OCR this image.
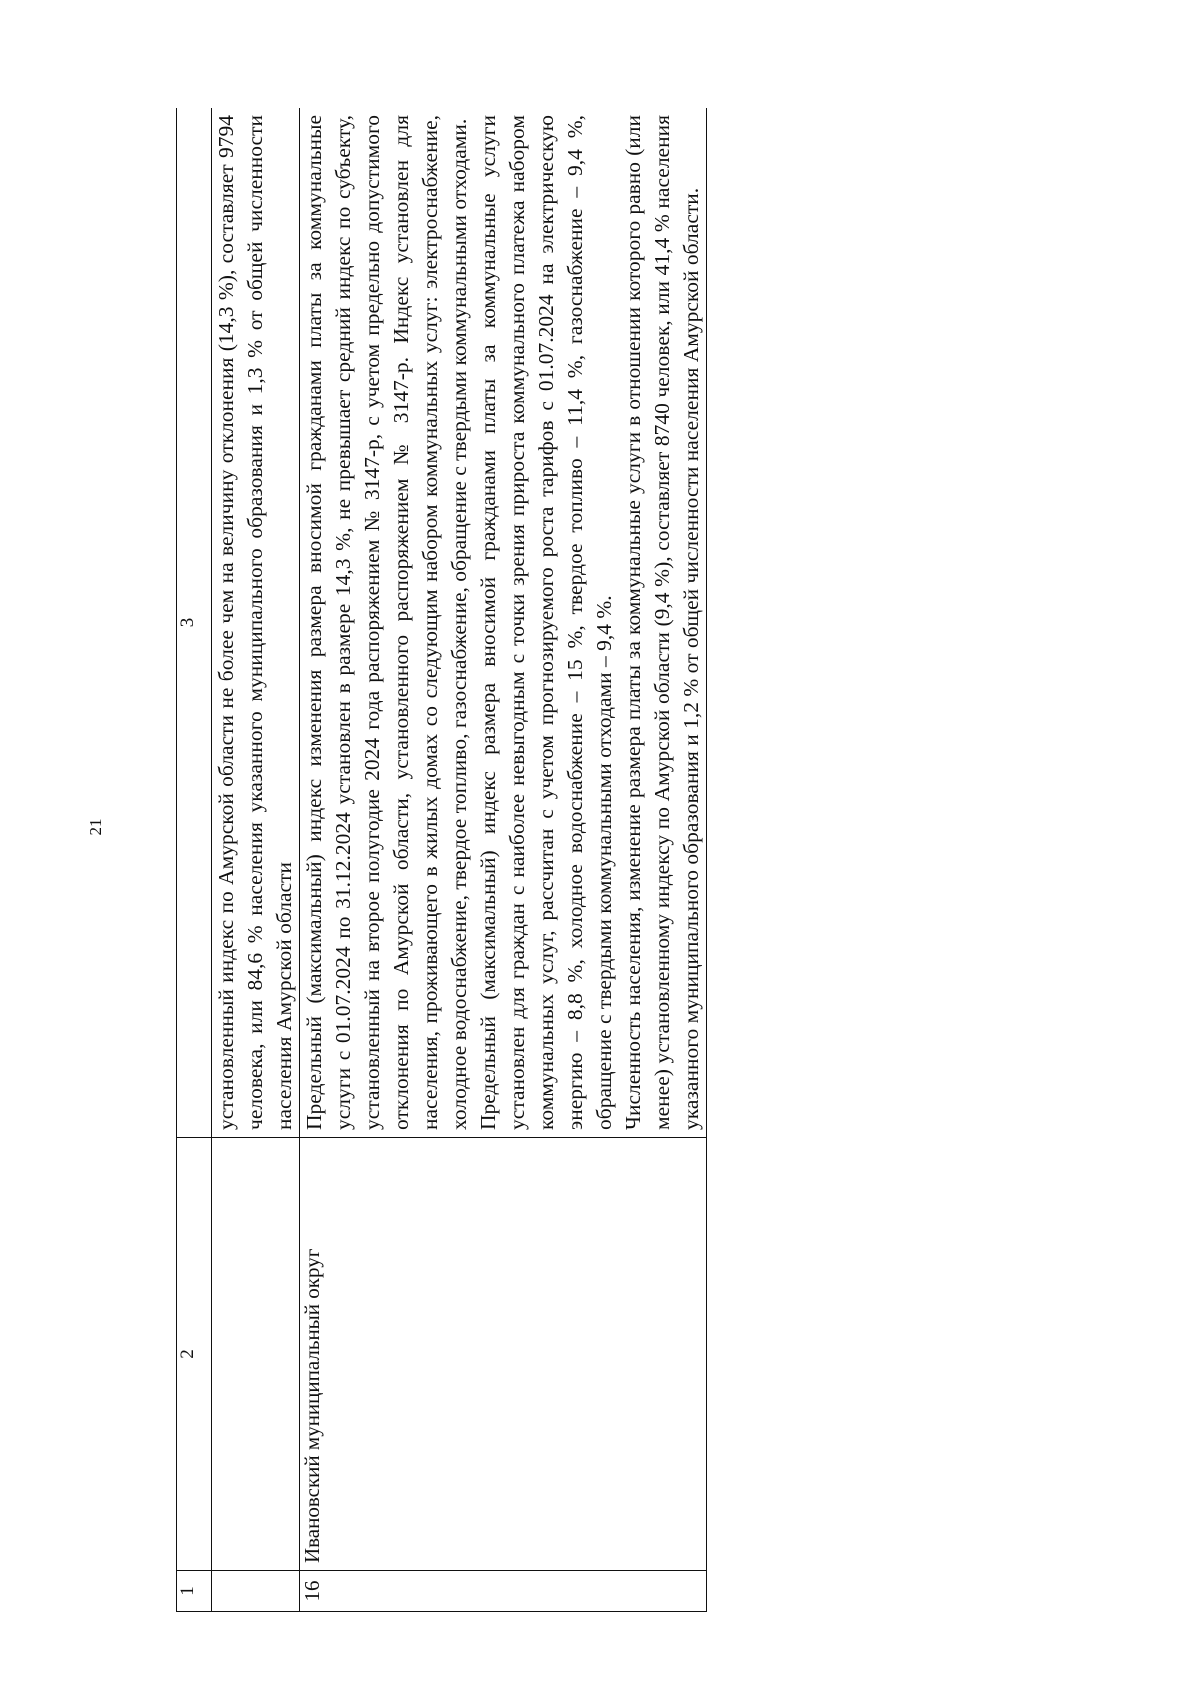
21
1	2	3

		установленный индекс по Амурской области не более чем на величину отклонения (14,3 %), составляет 9794 человека, или 84,6 % населения указанного муниципального образования и 1,3 % от общей численности населения Амурской области

16	Ивановский муниципальный округ	Предельный (максимальный) индекс изменения размера вносимой гражданами платы за коммунальные услуги с 01.07.2024 по 31.12.2024 установлен в размере 14,3 %, не превышает средний индекс по субъекту, установленный на второе полугодие 2024 года распоряжением № 3147-р, с учетом предельно допустимого отклонения по Амурской области, установленного распоряжением № 3147-р. Индекс установлен для населения, проживающего в жилых домах со следующим набором коммунальных услуг: электроснабжение, холодное водоснабжение, твердое топливо, газоснабжение, обращение с твердыми коммунальными отходами. Предельный (максимальный) индекс размера вносимой гражданами платы за коммунальные услуги установлен для граждан с наиболее невыгодным с точки зрения прироста коммунального платежа набором коммунальных услуг, рассчитан с учетом прогнозируемого роста тарифов с 01.07.2024 на электрическую энергию – 8,8 %, холодное водоснабжение – 15 %, твердое топливо – 11,4 %, газоснабжение – 9,4 %, обращение с твердыми коммунальными отходами – 9,4 %. Численность населения, изменение размера платы за коммунальные услуги в отношении которого равно (или менее) установленному индексу по Амурской области (9,4 %), составляет 8740 человек, или 41,4 % населения указанного муниципального образования и 1,2 % от общей численности населения Амурской области.
